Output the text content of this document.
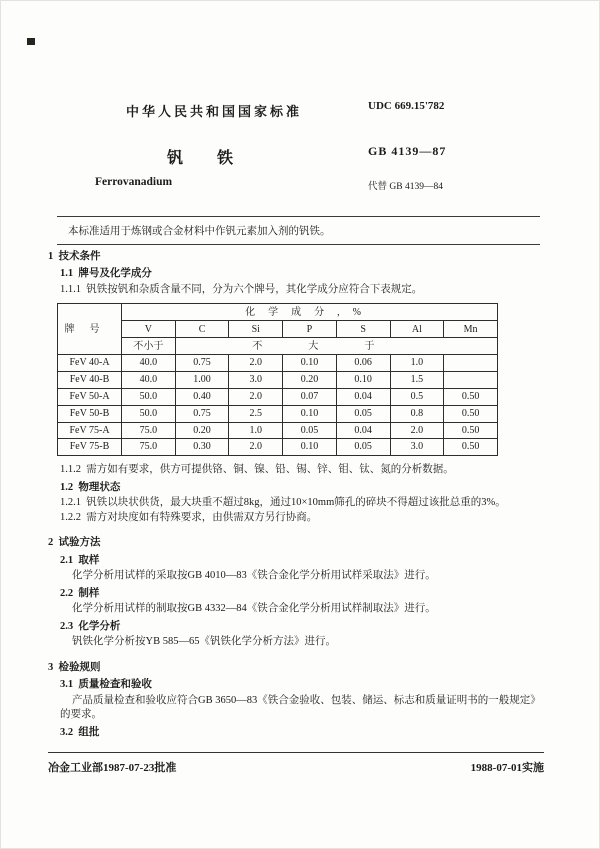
中华人民共和国国家标准	UDC 669.15'782
钒铁	GB 4139—87
Ferrovanadium	代替 GB 4139—84
本标准适用于炼钢或合金材料中作钒元素加入剂的钒铁。
1  技术条件
1.1  牌号及化学成分
1.1.1  钒铁按钒和杂质含量不同，分为六个牌号，其化学成分应符合下表规定。
牌号	化学成分,%						
	V	C	Si	P	S	Al	Mn
	不小于	不大于					
FeV 40-A	40.0	0.75	2.0	0.10	0.06	1.0	
FeV 40-B	40.0	1.00	3.0	0.20	0.10	1.5	
FeV 50-A	50.0	0.40	2.0	0.07	0.04	0.5	0.50
FeV 50-B	50.0	0.75	2.5	0.10	0.05	0.8	0.50
FeV 75-A	75.0	0.20	1.0	0.05	0.04	2.0	0.50
FeV 75-B	75.0	0.30	2.0	0.10	0.05	3.0	0.50
1.1.2  需方如有要求，供方可提供铬、铜、镍、铅、锡、锌、钼、钛、氮的分析数据。
1.2  物理状态
1.2.1  钒铁以块状供货，最大块重不超过8kg，通过10×10mm筛孔的碎块不得超过该批总重的3%。
1.2.2  需方对块度如有特殊要求，由供需双方另行协商。
2  试验方法
2.1  取样
化学分析用试样的采取按GB 4010—83《铁合金化学分析用试样采取法》进行。
2.2  制样
化学分析用试样的制取按GB 4332—84《铁合金化学分析用试样制取法》进行。
2.3  化学分析
钒铁化学分析按YB 585—65《钒铁化学分析方法》进行。
3  检验规则
3.1  质量检查和验收
产品质量检查和验收应符合GB 3650—83《铁合金验收、包装、储运、标志和质量证明书的一般规定》的要求。
3.2  组批
冶金工业部1987-07-23批准	1988-07-01实施
